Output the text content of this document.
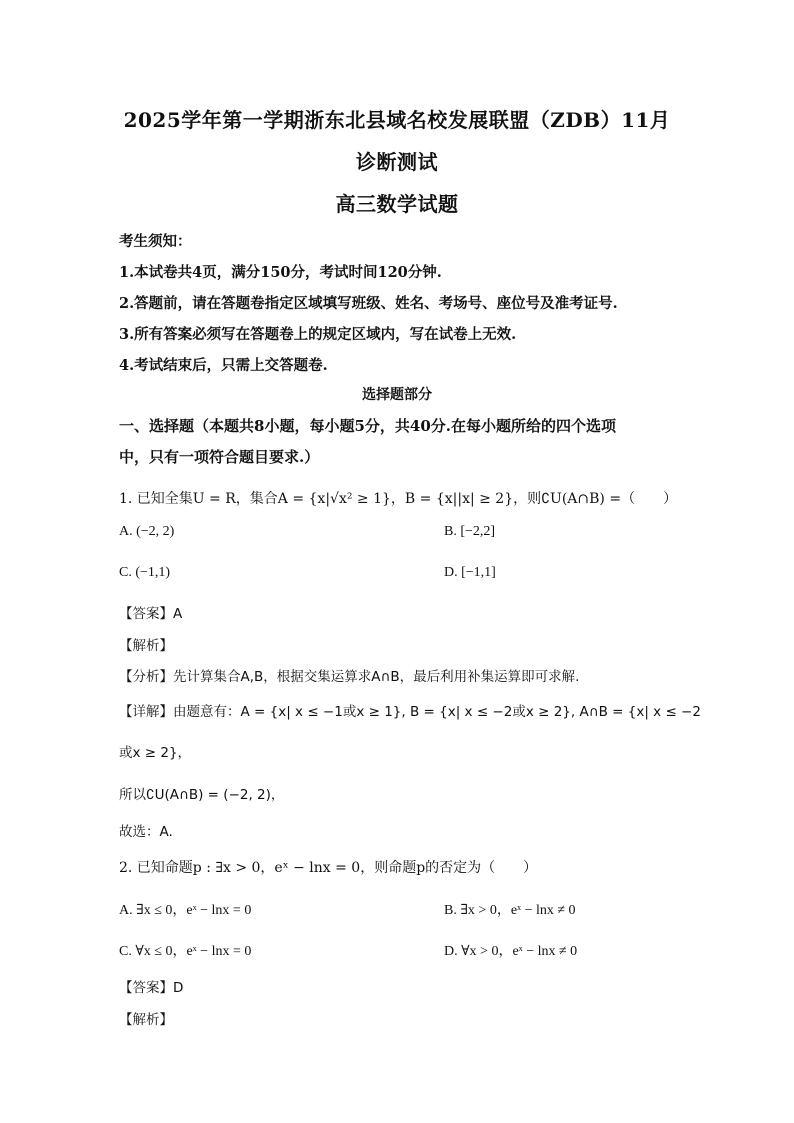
2025学年第一学期浙东北县域名校发展联盟（ZDB）11月
诊断测试
高三数学试题
考生须知：
1.本试卷共4页，满分150分，考试时间120分钟.
2.答题前，请在答题卷指定区域填写班级、姓名、考场号、座位号及准考证号.
3.所有答案必须写在答题卷上的规定区域内，写在试卷上无效.
4.考试结束后，只需上交答题卷.
选择题部分
一、选择题（本题共8小题，每小题5分，共40分.在每小题所给的四个选项
中，只有一项符合题目要求.）
1. 已知全集U = R，集合A = {x|√x² ≥ 1}，B = {x||x| ≥ 2}，则∁U(A∩B) =（　　）
A. (−2, 2)	B. [−2,2]
C. (−1,1)	D. [−1,1]
【答案】A
【解析】
【分析】先计算集合A,B，根据交集运算求A∩B，最后利用补集运算即可求解.
【详解】由题意有：A = {x| x ≤ −1或x ≥ 1}, B = {x| x ≤ −2或x ≥ 2}, A∩B = {x| x ≤ −2
或x ≥ 2}，
所以∁U(A∩B) = (−2, 2)，
故选：A.
2. 已知命题p : ∃x > 0，eˣ − lnx = 0，则命题p的否定为（　　）
A. ∃x ≤ 0，eˣ − lnx = 0	B. ∃x > 0，eˣ − lnx ≠ 0
C. ∀x ≤ 0，eˣ − lnx = 0	D. ∀x > 0，eˣ − lnx ≠ 0
【答案】D
【解析】
